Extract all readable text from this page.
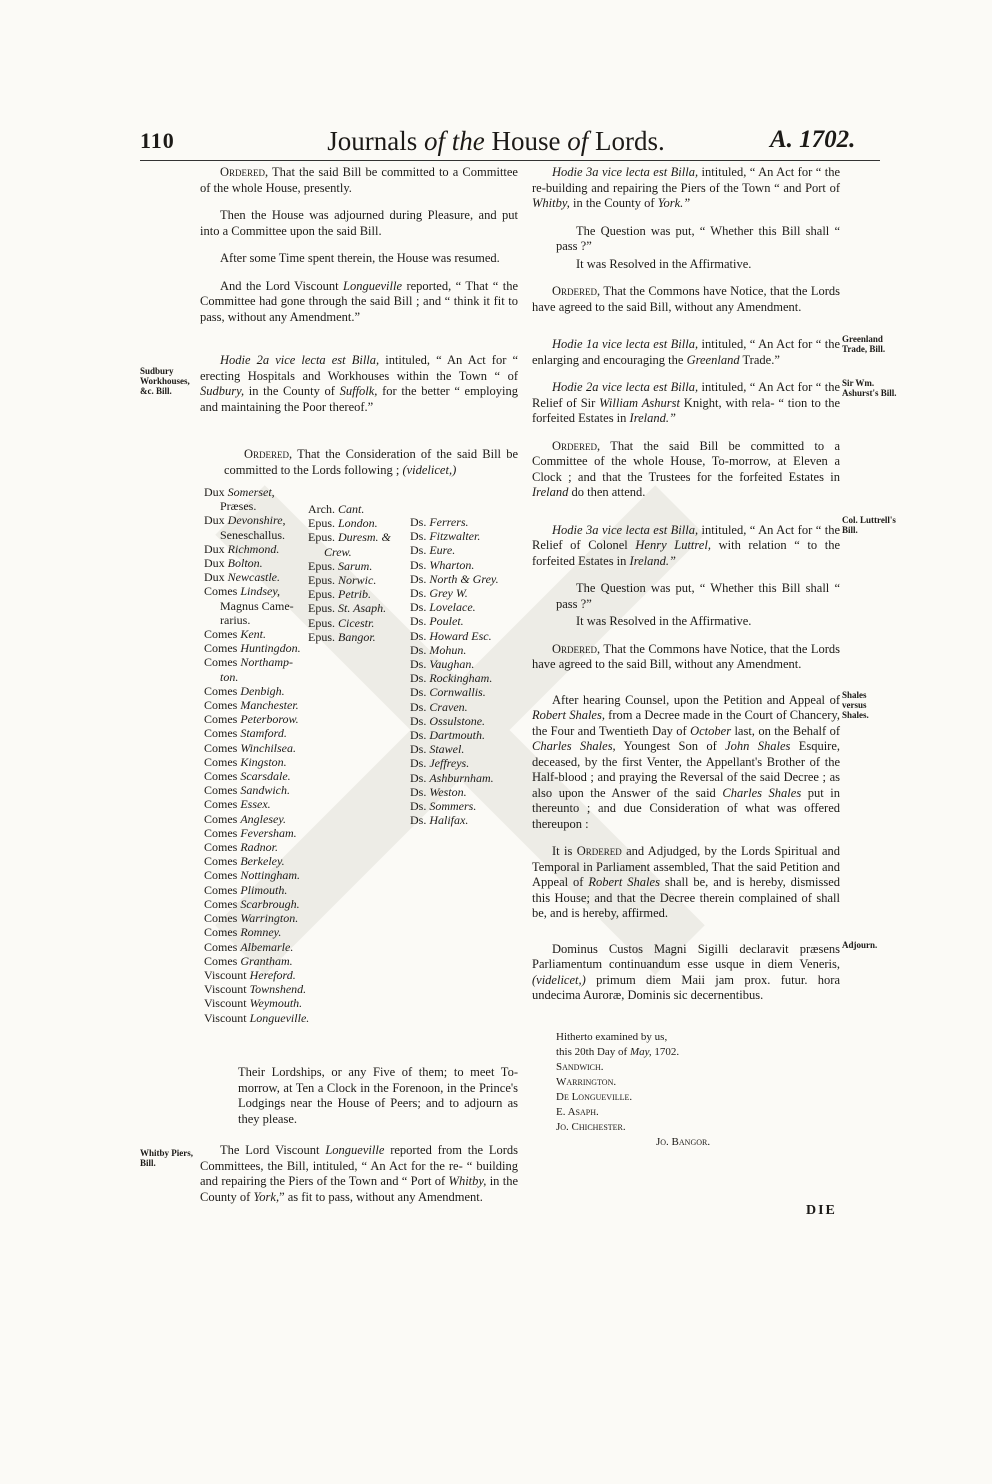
110	Journals of the House of Lords.	A. 1702.

Ordered, That the said Bill be committed to a Committee of the whole House, presently.

Then the House was adjourned during Pleasure, and put into a Committee upon the said Bill.

After some Time spent therein, the House was resumed.

And the Lord Viscount Longueville reported, “ That “ the Committee had gone through the said Bill ; and “ think it fit to pass, without any Amendment.”

Hodie 2a vice lecta est Billa, intituled, “ An Act for “ erecting Hospitals and Workhouses within the Town “ of Sudbury, in the County of Suffolk, for the better “ employing and maintaining the Poor thereof.”

Ordered, That the Consideration of the said Bill be committed to the Lords following ; (videlicet,)

Dux Somerset,
Præses.
Dux Devonshire,
Seneschallus.
Dux Richmond.
Dux Bolton.
Dux Newcastle.
Comes Lindsey,
Magnus Came-
rarius.
Comes Kent.
Comes Huntingdon.
Comes Northamp-
ton.
Comes Denbigh.
Comes Manchester.
Comes Peterborow.
Comes Stamford.
Comes Winchilsea.
Comes Kingston.
Comes Scarsdale.
Comes Sandwich.
Comes Essex.
Comes Anglesey.
Comes Feversham.
Comes Radnor.
Comes Berkeley.
Comes Nottingham.
Comes Plimouth.
Comes Scarbrough.
Comes Warrington.
Comes Romney.
Comes Albemarle.
Comes Grantham.
Viscount Hereford.
Viscount Townshend.
Viscount Weymouth.
Viscount Longueville.
Arch. Cant.
Epus. London.
Epus. Duresm. &
Crew.
Epus. Sarum.
Epus. Norwic.
Epus. Petrib.
Epus. St. Asaph.
Epus. Cicestr.
Epus. Bangor.
Ds. Ferrers.
Ds. Fitzwalter.
Ds. Eure.
Ds. Wharton.
Ds. North & Grey.
Ds. Grey W.
Ds. Lovelace.
Ds. Poulet.
Ds. Howard Esc.
Ds. Mohun.
Ds. Vaughan.
Ds. Rockingham.
Ds. Cornwallis.
Ds. Craven.
Ds. Ossulstone.
Ds. Dartmouth.
Ds. Stawel.
Ds. Jeffreys.
Ds. Ashburnham.
Ds. Weston.
Ds. Sommers.
Ds. Halifax.

Their Lordships, or any Five of them; to meet To-morrow, at Ten a Clock in the Forenoon, in the Prince's Lodgings near the House of Peers; and to adjourn as they please.

The Lord Viscount Longueville reported from the Lords Committees, the Bill, intituled, “ An Act for the re- “ building and repairing the Piers of the Town and “ Port of Whitby, in the County of York,” as fit to pass, without any Amendment.

Hodie 3a vice lecta est Billa, intituled, “ An Act for “ the re-building and repairing the Piers of the Town “ and Port of Whitby, in the County of York.”

The Question was put, “ Whether this Bill shall “ pass ?”

It was Resolved in the Affirmative.

Ordered, That the Commons have Notice, that the Lords have agreed to the said Bill, without any Amendment.

Hodie 1a vice lecta est Billa, intituled, “ An Act for “ the enlarging and encouraging the Greenland Trade.”

Hodie 2a vice lecta est Billa, intituled, “ An Act for “ the Relief of Sir William Ashurst Knight, with rela- “ tion to the forfeited Estates in Ireland.”

Ordered, That the said Bill be committed to a Committee of the whole House, To-morrow, at Eleven a Clock ; and that the Trustees for the forfeited Estates in Ireland do then attend.

Hodie 3a vice lecta est Billa, intituled, “ An Act for “ the Relief of Colonel Henry Luttrel, with relation “ to the forfeited Estates in Ireland.”

The Question was put, “ Whether this Bill shall “ pass ?”

It was Resolved in the Affirmative.

Ordered, That the Commons have Notice, that the Lords have agreed to the said Bill, without any Amendment.

After hearing Counsel, upon the Petition and Appeal of Robert Shales, from a Decree made in the Court of Chancery, the Four and Twentieth Day of October last, on the Behalf of Charles Shales, Youngest Son of John Shales Esquire, deceased, by the first Venter, the Appellant's Brother of the Half-blood ; and praying the Reversal of the said Decree ; as also upon the Answer of the said Charles Shales put in thereunto ; and due Consideration of what was offered thereupon :

It is Ordered and Adjudged, by the Lords Spiritual and Temporal in Parliament assembled, That the said Petition and Appeal of Robert Shales shall be, and is hereby, dismissed this House; and that the Decree therein complained of shall be, and is hereby, affirmed.

Dominus Custos Magni Sigilli declaravit præsens Parliamentum continuandum esse usque in diem Veneris, (videlicet,) primum diem Maii jam prox. futur. hora undecima Auroræ, Dominis sic decernentibus.

Hitherto examined by us,
this 20th Day of May, 1702.
Sandwich.
Warrington.
De Longueville.
E. Asaph.
Jo. Chichester.
Jo. Bangor.
Sudbury Workhouses, &c. Bill.
Whitby Piers, Bill.
Greenland Trade, Bill.
Sir Wm. Ashurst's Bill.
Col. Luttrell's Bill.
Shales versus Shales.
Adjourn.
DIE
